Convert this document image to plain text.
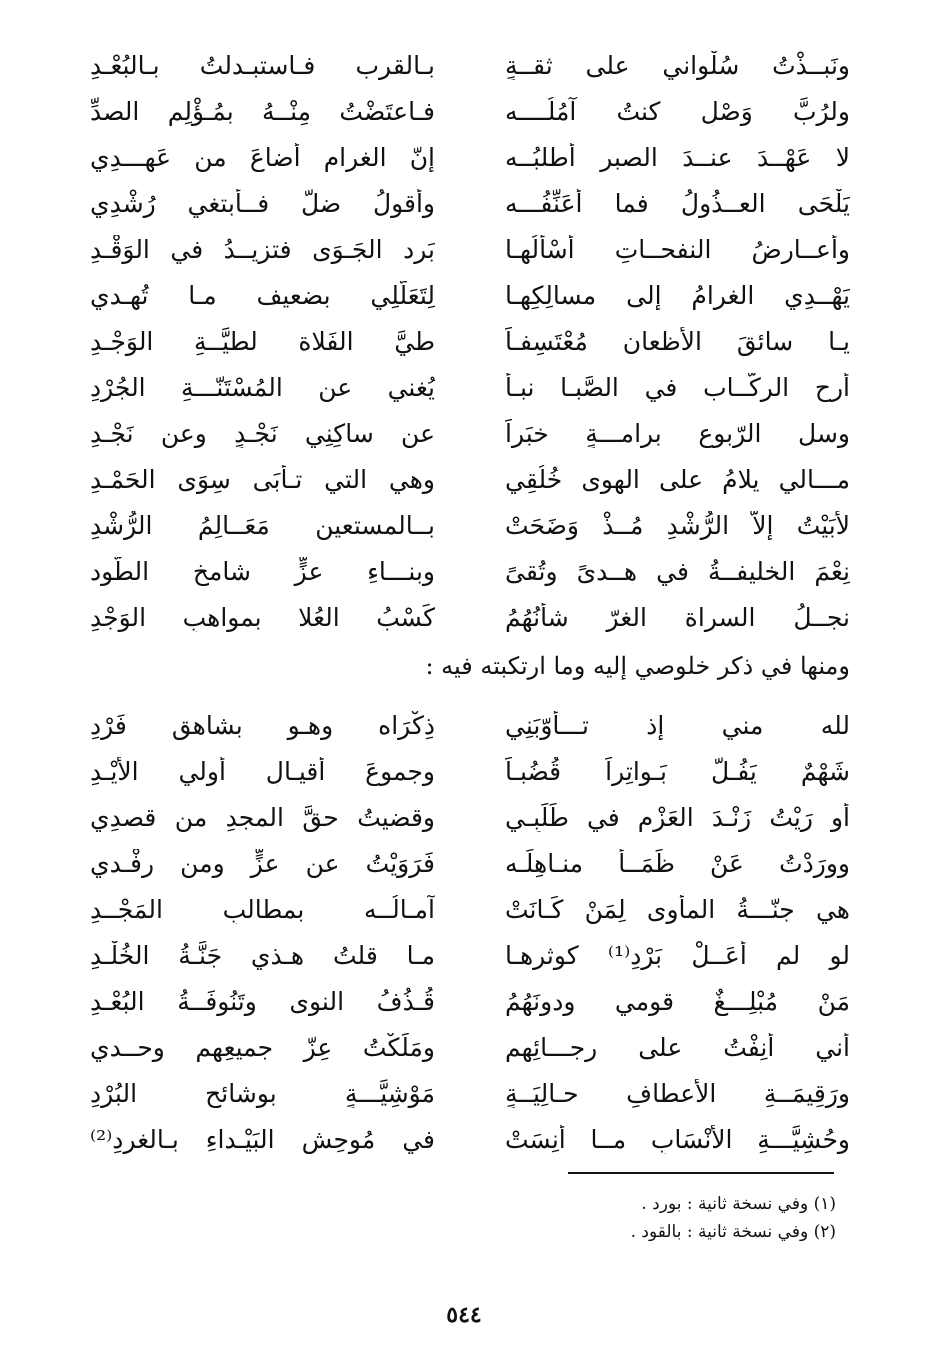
ونَبــذْتُ سُلْواني على ثقــةٍ
بـالقرب فـاستبـدلتُ بـالبُعْـدِ
ولرُبَّ وَصْلٍ كنتُ آمُلُــــه
فـاعتَضْتُ مِنْــهُ بمُـؤْلِمِ الصدِّ
لا عَهْــدَ عنــدَ الصبر أطلبُــه
إنّ الغرام أضاعَ من عَهـــدِي
يَلْحَى العــذُولُ فما أُعَنِّفُـــه
وأقولُ ضلّ فــأبتغي رُشْدِي
وأعــارِضُ النفحــاتِ أسْأَلُهـا
بَرد الجَـوَى فتزيــدُ في الوَقْـدِ
يَهْــدِي الغرامُ إلى مسالِكِهـا
لِتَعَلُّلِي بضعيف مـا تُهـدي
يـا سائقَ الأظعانِ مُعْتَسِفـاً
طيَّ الفَلاة لطيَّــةِ الوَجْـدِ
أَرِحِ الركّــاب في الصَّبـا نبـأً
يُغني عن المُسْتَنّـــةِ الجُرْدِ
وسل الرّبوع برامـــةٍ خبَراً
عن ساكِنِي نَجْـدٍ وعن نَجْـدِ
مـــالي يلامُ على الهوى خُلُقِي
وهي التي تـأبَى سِوَى الحَمْـدِ
لأَبَيْتُ إلاّ الرُّشْدِ مُــذْ وَضَحَتْ
بــالمستعين مَعَــالِمُ الرُّشْدِ
نِعْمَ الخليفــةُ في هــدىً وتُقىً
وبنـــاءِ عزٍّ شامخ الطّود
نجــلُ السراة الغرّ شأنُهُمُ
كَسْبُ العُلا بمواهبِ الوَجْدِ
ومنها في ذكر خلوصي إليه وما ارتكبته فيه :
لله مني إذ تـــأوّبَنِي
ذِكْرَاه وهـو بشاهقٍ فَرْدِ
شَهْمٌ يَفُـلُّ بَـواتِراً قُضُبـاً
وجموعَ أقيـالٍ أولي الأَيْـدِ
أو رَيْتُ زَنْـدَ العَزْم في طَلَبِـي
وقضيتُ حقَّ المجدِ من قصدِي
وورَدْتُ عَنْ ظَمَــأ منـاهِلَـه
فَرَوَيْتُ عن عزٍّ ومن رِفْـدي
هي جنّـــةُ المأوى لِمَنْ كَـانَتْ
آمـالُــه بمطالبِ المَجْــدِ
لو لم أُعَــلْ بَرْدِ⁽¹⁾ كوثرِهـا
مـا قلتُ هـذي جَنَّـةُ الخُلْـدِ
مَنْ مُبْلِـــغٌ قومي ودونَهُمُ
قُـذُفُ النوى وتَنُوفَــةُ البُعْـدِ
أني أَنِفْتُ على رجـــائِهِم
ومَلَكْتُ عِزّ جميعِهم وحــدي
ورَقِيمَــةِ الأعطافِ حـالِيَــةٍ
مَوْشِيَّـــةٍ بوشائح البُرْدِ
وحُشِيَّـــةِ الأنْسَابِ مــا أنِسَتْ
في مُوحِشِ البَيْـداءِ بـالغردِ⁽²⁾
(١) وفي نسخة ثانية : بورد .
(٢) وفي نسخة ثانية : بالقود .
٥٤٤
